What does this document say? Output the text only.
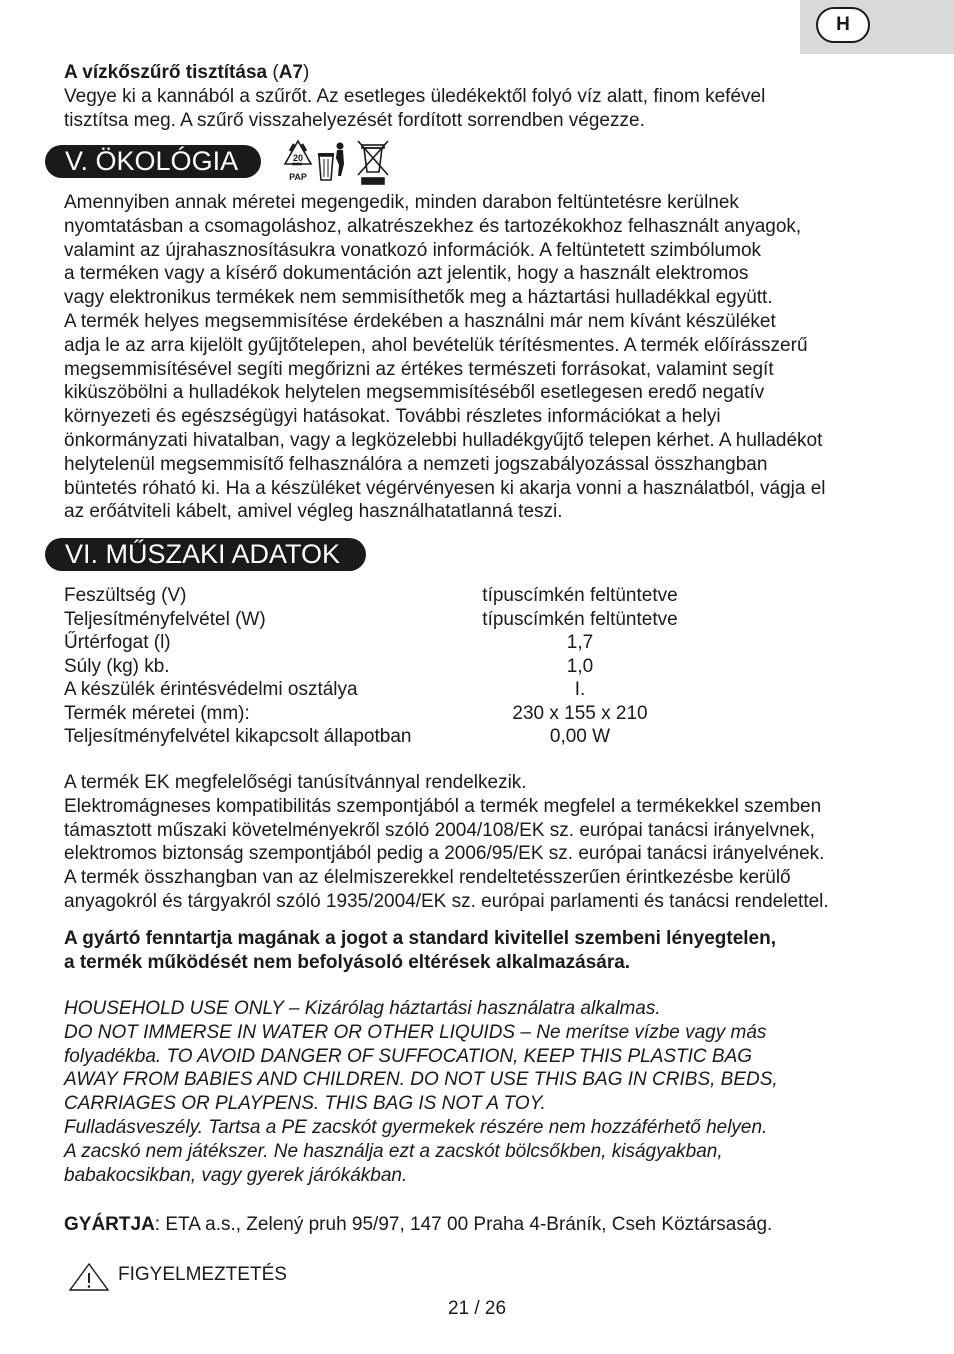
H
A vízkőszűrő tisztítása (A7)
Vegye ki a kannából a szűrőt. Az esetleges üledékektől folyó víz alatt, finom kefével
tisztítsa meg. A szűrő visszahelyezését fordított sorrendben végezze.
V. ÖKOLÓGIA	20
PAP
Amennyiben annak méretei megengedik, minden darabon feltüntetésre kerülnek
nyomtatásban a csomagoláshoz, alkatrészekhez és tartozékokhoz felhasznált anyagok,
valamint az újrahasznosításukra vonatkozó információk. A feltüntetett szimbólumok
a terméken vagy a kísérő dokumentáción azt jelentik, hogy a használt elektromos
vagy elektronikus termékek nem semmisíthetők meg a háztartási hulladékkal együtt.
A termék helyes megsemmisítése érdekében a használni már nem kívánt készüléket
adja le az arra kijelölt gyűjtőtelepen, ahol bevételük térítésmentes. A termék előírásszerű
megsemmisítésével segíti megőrizni az értékes természeti forrásokat, valamint segít
kiküszöbölni a hulladékok helytelen megsemmisítéséből esetlegesen eredő negatív
környezeti és egészségügyi hatásokat. További részletes információkat a helyi
önkormányzati hivatalban, vagy a legközelebbi hulladékgyűjtő telepen kérhet. A hulladékot
helytelenül megsemmisítő felhasználóra a nemzeti jogszabályozással összhangban
büntetés róható ki. Ha a készüléket végérvényesen ki akarja vonni a használatból, vágja el
az erőátviteli kábelt, amivel végleg használhatatlanná teszi.
VI. MŰSZAKI ADATOK
Feszültség (V)	típuscímkén feltüntetve
Teljesítményfelvétel (W)	típuscímkén feltüntetve
Űrtérfogat (l)	1,7
Súly (kg) kb.	1,0
A készülék érintésvédelmi osztálya	I.
Termék méretei (mm):	230 x 155 x 210
Teljesítményfelvétel kikapcsolt állapotban	0,00 W
A termék EK megfelelőségi tanúsítvánnyal rendelkezik.
Elektromágneses kompatibilitás szempontjából a termék megfelel a termékekkel szemben
támasztott műszaki követelményekről szóló 2004/108/EK sz. európai tanácsi irányelvnek,
elektromos biztonság szempontjából pedig a 2006/95/EK sz. európai tanácsi irányelvének.
A termék összhangban van az élelmiszerekkel rendeltetésszerűen érintkezésbe kerülő
anyagokról és tárgyakról szóló 1935/2004/EK sz. európai parlamenti és tanácsi rendelettel.
A gyártó fenntartja magának a jogot a standard kivitellel szembeni lényegtelen,
a termék működését nem befolyásoló eltérések alkalmazására.
HOUSEHOLD USE ONLY – Kizárólag háztartási használatra alkalmas.
DO NOT IMMERSE IN WATER OR OTHER LIQUIDS – Ne merítse vízbe vagy más
folyadékba. TO AVOID DANGER OF SUFFOCATION, KEEP THIS PLASTIC BAG
AWAY FROM BABIES AND CHILDREN. DO NOT USE THIS BAG IN CRIBS, BEDS,
CARRIAGES OR PLAYPENS. THIS BAG IS NOT A TOY.
Fulladásveszély. Tartsa a PE zacskót gyermekek részére nem hozzáférhető helyen.
A zacskó nem játékszer. Ne használja ezt a zacskót bölcsőkben, kiságyakban,
babakocsikban, vagy gyerek járókákban.
GYÁRTJA: ETA a.s., Zelený pruh 95/97, 147 00 Praha 4-Bráník, Cseh Köztársaság.
FIGYELMEZTETÉS
21 / 26
